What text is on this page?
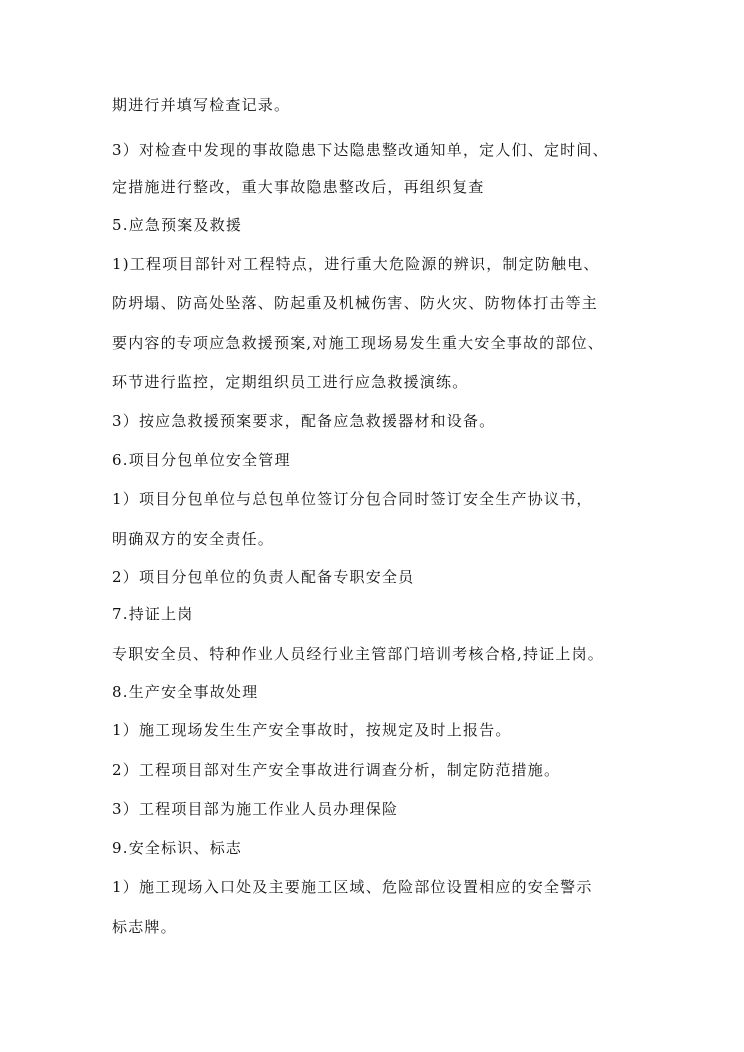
期进行并填写检查记录。
3）对检查中发现的事故隐患下达隐患整改通知单，定人们、定时间、
定措施进行整改，重大事故隐患整改后，再组织复查
5.应急预案及救援
1)工程项目部针对工程特点，进行重大危险源的辨识，制定防触电、
防坍塌、防高处坠落、防起重及机械伤害、防火灾、防物体打击等主
要内容的专项应急救援预案,对施工现场易发生重大安全事故的部位、
环节进行监控，定期组织员工进行应急救援演练。
3）按应急救援预案要求，配备应急救援器材和设备。
6.项目分包单位安全管理
1）项目分包单位与总包单位签订分包合同时签订安全生产协议书，
明确双方的安全责任。
2）项目分包单位的负责人配备专职安全员
7.持证上岗
专职安全员、特种作业人员经行业主管部门培训考核合格,持证上岗。
8.生产安全事故处理
1）施工现场发生生产安全事故时，按规定及时上报告。
2）工程项目部对生产安全事故进行调查分析，制定防范措施。
3）工程项目部为施工作业人员办理保险
9.安全标识、标志
1）施工现场入口处及主要施工区域、危险部位设置相应的安全警示
标志牌。
